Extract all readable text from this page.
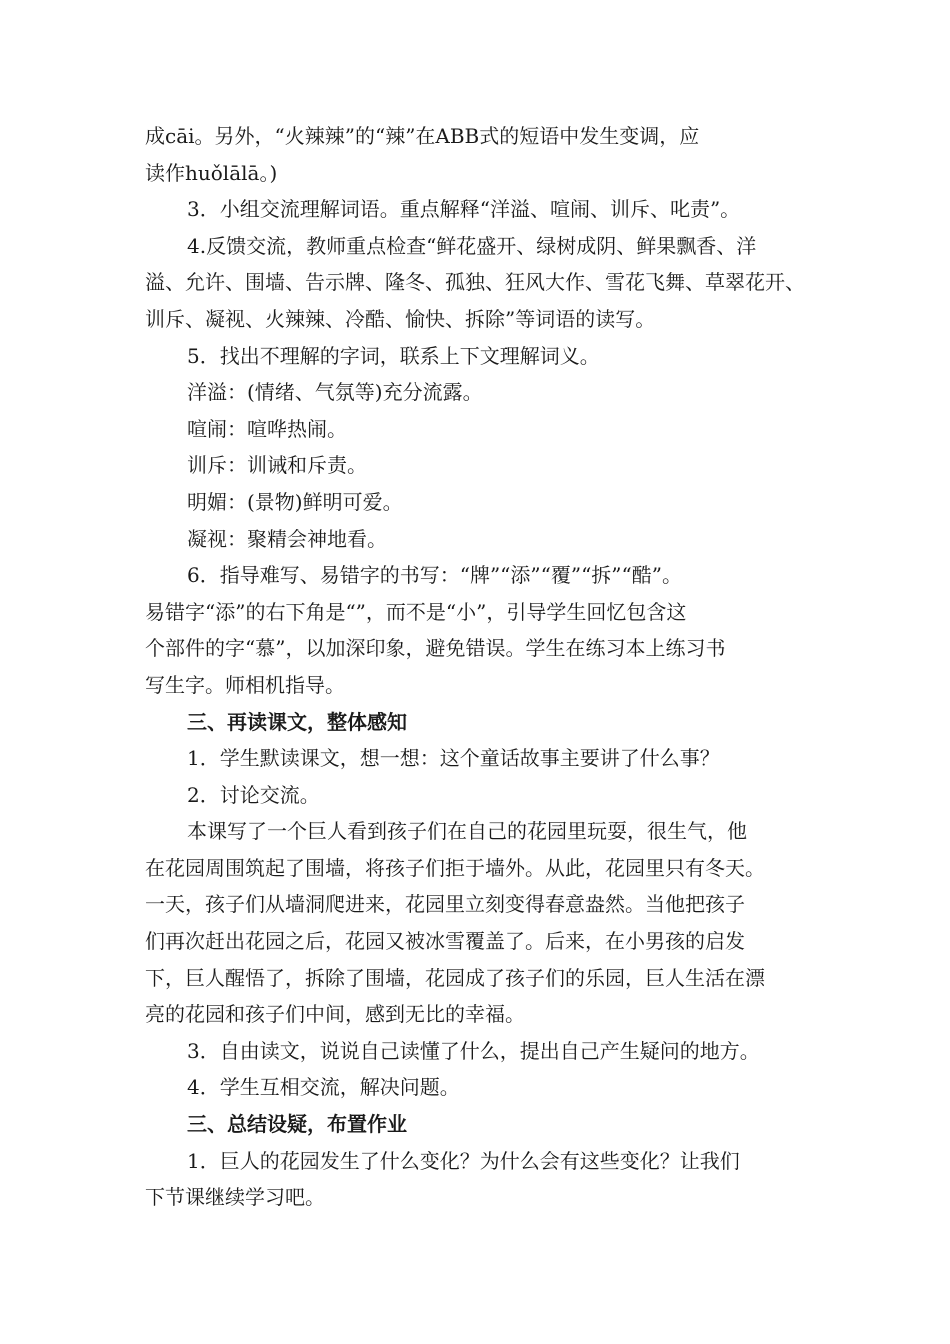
成cāi。另外，“火辣辣”的“辣”在ABB式的短语中发生变调，应
读作huǒlālā。)
3．小组交流理解词语。重点解释“洋溢、喧闹、训斥、叱责”。
4.反馈交流，教师重点检查“鲜花盛开、绿树成阴、鲜果飘香、洋
溢、允许、围墙、告示牌、隆冬、孤独、狂风大作、雪花飞舞、草翠花开、
训斥、凝视、火辣辣、冷酷、愉快、拆除”等词语的读写。
5．找出不理解的字词，联系上下文理解词义。
洋溢：(情绪、气氛等)充分流露。
喧闹：喧哗热闹。
训斥：训诫和斥责。
明媚：(景物)鲜明可爱。
凝视：聚精会神地看。
6．指导难写、易错字的书写：“牌”“添”“覆”“拆”“酷”。
易错字“添”的右下角是“”，而不是“小”，引导学生回忆包含这
个部件的字“慕”，以加深印象，避免错误。学生在练习本上练习书
写生字。师相机指导。
三、再读课文，整体感知
1．学生默读课文，想一想：这个童话故事主要讲了什么事？
2．讨论交流。
本课写了一个巨人看到孩子们在自己的花园里玩耍，很生气，他
在花园周围筑起了围墙，将孩子们拒于墙外。从此，花园里只有冬天。
一天，孩子们从墙洞爬进来，花园里立刻变得春意盎然。当他把孩子
们再次赶出花园之后，花园又被冰雪覆盖了。后来，在小男孩的启发
下，巨人醒悟了，拆除了围墙，花园成了孩子们的乐园，巨人生活在漂
亮的花园和孩子们中间，感到无比的幸福。
3．自由读文，说说自己读懂了什么，提出自己产生疑问的地方。
4．学生互相交流，解决问题。
三、总结设疑，布置作业
1．巨人的花园发生了什么变化？为什么会有这些变化？让我们
下节课继续学习吧。
